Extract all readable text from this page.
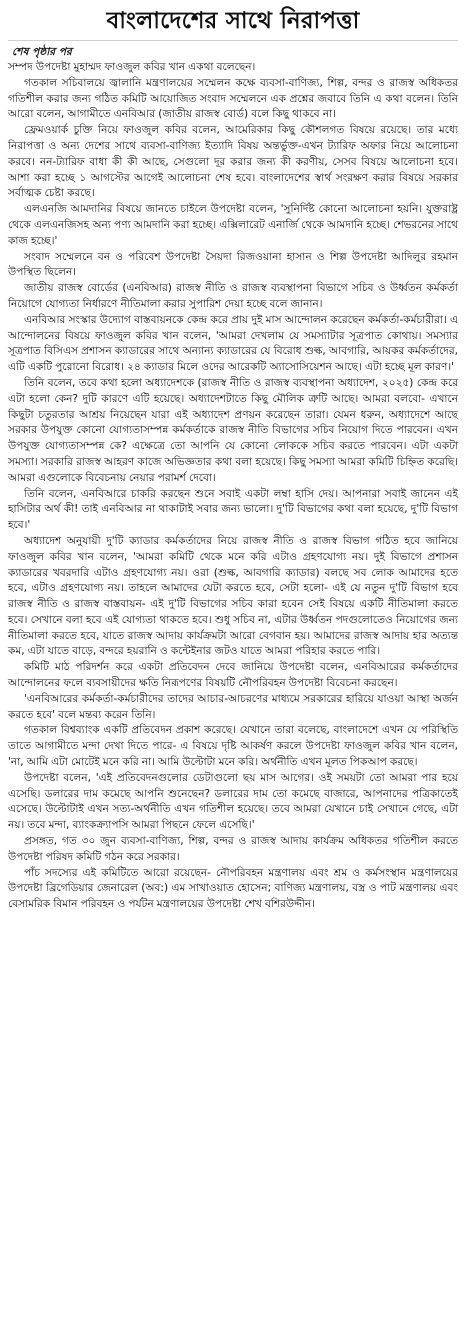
বাংলাদেশের সাথে নিরাপত্তা
শেষ পৃষ্ঠার পর

সম্পদ উপদেষ্টা মুহাম্মদ ফাওজুল কবির খান একথা বলেছেন।

গতকাল সচিবালয়ে জ্বালানি মন্ত্রণালয়ের সম্মেলন কক্ষে ব্যবসা-বাণিজ্য, শিল্প, বন্দর ও রাজস্ব অধিকতর গতিশীল করার জন্য গঠিত কমিটি আয়োজিত সংবাদ সম্মেলনে এক প্রশ্নের জবাবে তিনি এ কথা বলেন। তিনি আরো বলেন, আগামীতে এনবিআর (জাতীয় রাজস্ব বোর্ড) বলে কিছু থাকবে না।

ফ্রেমওয়ার্ক চুক্তি নিয়ে ফাওজুল কবির বলেন, আমেরিকার কিছু কৌশলগত বিষয়ে রয়েছে। তার মধ্যে নিরাপত্তা ও অন্য দেশের সাথে ব্যবসা-বাণিজ্য ইত্যাদি বিষয় অন্তর্ভুক্ত-এখন ট্যারিফ অফার নিয়ে আলোচনা করবে। নন-ট্যারিফ বাধা কী কী আছে, সেগুলো দূর করার জন্য কী করণীয়, সেসব বিষয়ে আলোচনা হবে। আশা করা হচ্ছে ১ আগস্টের আগেই আলোচনা শেষ হবে। বাংলাদেশের স্বার্থ সংরক্ষণ করার বিষয়ে সরকার সর্বাত্মক চেষ্টা করছে।

এলএনজি আমদানির বিষয়ে জানতে চাইলে উপদেষ্টা বলেন, 'সুনির্দিষ্ট কোনো আলোচনা হয়নি। যুক্তরাষ্ট্র থেকে এলএনজিসহ অন্য পণ্য আমদানি করা হচ্ছে। এক্সিলারেট এনার্জি থেকে আমদানি হচ্ছে। শেভরনের সাথে কাজ হচ্ছে।'

সংবাদ সম্মেলনে বন ও পরিবেশ উপদেষ্টা সৈয়দা রিজওয়ানা হাসান ও শিল্প উপদেষ্টা আদিলুর রহমান উপস্থিত ছিলেন।

জাতীয় রাজস্ব বোর্ডের (এনবিআর) রাজস্ব নীতি ও রাজস্ব ব্যবস্থাপনা বিভাগে সচিব ও উর্ধ্বতন কর্মকর্তা নিয়োগে যোগ্যতা নির্ধারণে নীতিমালা করার সুপারিশ দেয়া হচ্ছে বলে জানান।

এনবিআর সংস্কার উদ্যোগ বাস্তবায়নকে কেন্দ্র করে প্রায় দুই মাস আন্দোলন করেছেন কর্মকর্তা-কর্মচারীরা। এ আন্দোলনের বিষয়ে ফাওজুল কবির খান বলেন, 'আমরা দেখলাম যে সমস্যাটার সূত্রপাত কোথায়। সমস্যার সূত্রপাত বিসিএস প্রশাসন ক্যাডারের সাথে অন্যান্য ক্যাডারের যে বিরোধ শুল্ক, আবগারি, আয়কর কর্মকর্তাদের, এটি একটি পুরোনো বিরোধ। ২৪ ক্যাডার মিলে ওদের আরেকটি অ্যাসোসিয়েশন আছে। এটা হচ্ছে মূল কারণ।'

তিনি বলেন, তবে কথা হলো অধ্যাদেশকে (রাজস্ব নীতি ও রাজস্ব ব্যবস্থাপনা অধ্যাদেশ, ২০২৫) কেন্দ্র করে এটা হলো কেন? দুটি কারণে এটি হয়েছে। অধ্যাদেশটাতে কিছু মৌলিক ত্রুটি আছে। আমরা বলবো- এখানে কিছুটা চতুরতার আশ্রয় নিয়েছেন যারা এই অধ্যাদেশ প্রণয়ন করেছেন তারা। যেমন ধরুন, অধ্যাদেশে আছে সরকার উপযুক্ত কোনো যোগ্যতাসম্পন্ন কর্মকর্তাকে রাজস্ব নীতি বিভাগের সচিব নিয়োগ দিতে পারবেন। এখন উপযুক্ত যোগ্যতাসম্পন্ন কে? এক্ষেত্রে তো আপনি যে কোনো লোককে সচিব করতে পারবেন। এটা একটা সমস্যা। সরকারি রাজস্ব আহরণ কাজে অভিজ্ঞতার কথা বলা হয়েছে। কিছু সমস্যা আমরা কমিটি চিহ্নিত করেছি। আমরা এগুলোকে বিবেচনায় নেয়ার পরামর্শ দেবো।

তিনি বলেন, এনবিআরে চাকরি করছেন শুনে সবাই একটা লম্বা হাসি দেয়। আপনারা সবাই জানেন এই হাসিটার অর্থ কী! তাই এনবিআর না থাকাটাই সবার জন্য ভালো। দু'টি বিভাগের কথা বলা হয়েছে, দু'টি বিভাগ হবে।'

অধ্যাদেশ অনুযায়ী দু'টি ক্যাডার কর্মকর্তাদের নিয়ে রাজস্ব নীতি ও রাজস্ব বিভাগ গঠিত হবে জানিয়ে ফাওজুল কবির খান বলেন, 'আমরা কমিটি থেকে মনে করি এটাও গ্রহণযোগ্য নয়। দুই বিভাগে প্রশাসন ক্যাডারের খবরদারি এটাও গ্রহণযোগ্য নয়। ওরা (শুল্ক, আবগারি ক্যাডার) বলছে সব লোক আমাদের হতে হবে, এটাও গ্রহণযোগ্য নয়। তাহলে আমাদের যেটা করতে হবে, সেটা হলো- এই যে নতুন দু'টি বিভাগ হবে রাজস্ব নীতি ও রাজস্ব বাস্তবায়ন- এই দু'টি বিভাগের সচিব কারা হবেন সেই বিষয়ে একটি নীতিমালা করতে হবে। সেখানে বলা হবে এই যোগ্যতা থাকতে হবে। শুধু সচিব না, এটার উর্ধ্বতন পদগুলোতেও নিয়োগের জন্য নীতিমালা করতে হবে, যাতে রাজস্ব আদায় কার্যক্রমটা আরো বেগবান হয়। আমাদের রাজস্ব আদায় হার অত্যন্ত কম, এটা যাতে বাড়ে, বন্দরে হয়রানি ও কন্টেইনার জটও যাতে আমরা পরিহার করতে পারি।

কমিটি মাঠ পরিদর্শন করে একটা প্রতিবেদন দেবে জানিয়ে উপদেষ্টা বলেন, এনবিআরের কর্মকর্তাদের আন্দোলনের ফলে ব্যবসায়ীদের ক্ষতি নিরূপণের বিষয়টি নৌপরিবহন উপদেষ্টা বিবেচনা করছেন।

'এনবিআরের কর্মকর্তা-কর্মচারীদের তাদের আচার-আচরণের মাধ্যমে সরকারের হারিয়ে যাওয়া আস্থা অর্জন করতে হবে' বলে মন্তব্য করেন তিনি।

গতকাল বিশ্বব্যাংক একটি প্রতিবেদন প্রকাশ করেছে। যেখানে তারা বলেছে, বাংলাদেশে এখন যে পরিস্থিতি তাতে আগামীতে মন্দা দেখা দিতে পারে- এ বিষয়ে দৃষ্টি আকর্ষণ করলে উপদেষ্টা ফাওজুল কবির খান বলেন, 'না, আমি এটা মোটেই মনে করি না। আমি উল্টোটা মনে করি। অর্থনীতি এখন মূলত পিকআপ করছে।

উপদেষ্টা বলেন, 'এই প্রতিবেদনগুলোর ডেটাগুলো ছয় মাস আগের। ওই সময়টা তো আমরা পার হয়ে এসেছি। ডলারের দাম কমেছে আপনি শুনেছেন? ডলারের দাম তো কমেছে বাজারে, আপনাদের পত্রিকাতেই এসেছে। উল্টোটাই এখন সত্য-অর্থনীতি এখন গতিশীল হয়েছে। তবে আমরা যেখানে চাই সেখানে গেছে, এটা নয়। তবে মন্দা, ব্যাংকক্র্যাপসি আমরা পিছনে ফেলে এসেছি।'

প্রসঙ্গত, গত ৩০ জুন ব্যবসা-বাণিজ্য, শিল্প, বন্দর ও রাজস্ব আদায় কার্যক্রম অধিকতর গতিশীল করতে উপদেষ্টা পরিষদ কমিটি গঠন করে সরকার।

পাঁচ সদস্যের এই কমিটিতে আরো রয়েছেন- নৌপরিবহন মন্ত্রণালয় এবং শ্রম ও কর্মসংস্থান মন্ত্রণালয়ের উপদেষ্টা ব্রিগেডিয়ার জেনারেল (অব:) এম সাখাওয়াত হোসেন; বাণিজ্য মন্ত্রণালয়, বস্ত্র ও পাট মন্ত্রণালয় এবং বেসামরিক বিমান পরিবহন ও পর্যটন মন্ত্রণালয়ের উপদেষ্টা শেখ বশিরউদ্দীন।
